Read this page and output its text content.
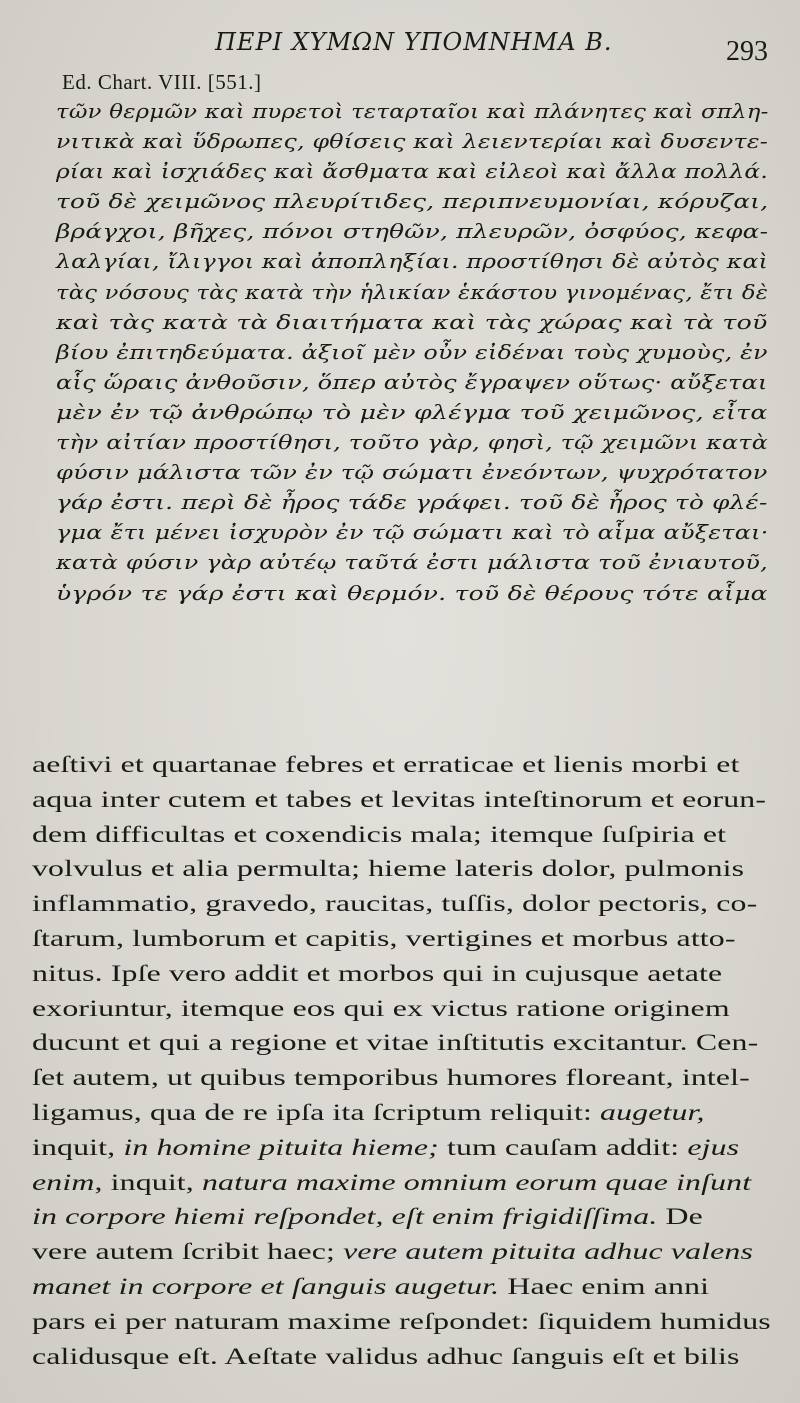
ΠΕΡΙ ΧΥΜΩΝ ΥΠΟΜΝΗΜΑ Β.	293
Ed. Chart. VIII. [551.]
τῶν θερμῶν καὶ πυρετοὶ τεταρταῖοι καὶ πλάνητες καὶ σπλη-
νιτικὰ καὶ ὕδρωπες, φθίσεις καὶ λειεντερίαι καὶ δυσεντε-
ρίαι καὶ ἰσχιάδες καὶ ἄσθματα καὶ εἰλεοὶ καὶ ἄλλα πολλά.
τοῦ δὲ χειμῶνος πλευρίτιδες, περιπνευμονίαι, κόρυζαι,
βράγχοι, βῆχες, πόνοι στηθῶν, πλευρῶν, ὀσφύος, κεφα-
λαλγίαι, ἴλιγγοι καὶ ἀποπληξίαι. προστίθησι δὲ αὐτὸς καὶ
τὰς νόσους τὰς κατὰ τὴν ἡλικίαν ἑκάστου γινομένας, ἔτι δὲ
καὶ τὰς κατὰ τὰ διαιτήματα καὶ τὰς χώρας καὶ τὰ τοῦ
βίου ἐπιτηδεύματα. ἀξιοῖ μὲν οὖν εἰδέναι τοὺς χυμοὺς, ἐν
αἷς ὥραις ἀνθοῦσιν, ὅπερ αὐτὸς ἔγραψεν οὕτως· αὔξεται
μὲν ἐν τῷ ἀνθρώπῳ τὸ μὲν φλέγμα τοῦ χειμῶνος, εἶτα
τὴν αἰτίαν προστίθησι, τοῦτο γὰρ, φησὶ, τῷ χειμῶνι κατὰ
φύσιν μάλιστα τῶν ἐν τῷ σώματι ἐνεόντων, ψυχρότατον
γάρ ἐστι. περὶ δὲ ἦρος τάδε γράφει. τοῦ δὲ ἦρος τὸ φλέ-
γμα ἔτι μένει ἰσχυρὸν ἐν τῷ σώματι καὶ τὸ αἷμα αὔξεται·
κατὰ φύσιν γὰρ αὐτέῳ ταῦτά ἐστι μάλιστα τοῦ ἐνιαυτοῦ,
ὑγρόν τε γάρ ἐστι καὶ θερμόν. τοῦ δὲ θέρους τότε αἷμα
aeſtivi et quartanae febres et erraticae et lienis morbi et
aqua inter cutem et tabes et levitas inteſtinorum et eorun-
dem difficultas et coxendicis mala; itemque ſuſpiria et
volvulus et alia permulta; hieme lateris dolor, pulmonis
inflammatio, gravedo, raucitas, tuſſis, dolor pectoris, co-
ſtarum, lumborum et capitis, vertigines et morbus atto-
nitus. Ipſe vero addit et morbos qui in cujusque aetate
exoriuntur, itemque eos qui ex victus ratione originem
ducunt et qui a regione et vitae inſtitutis excitantur. Cen-
ſet autem, ut quibus temporibus humores floreant, intel-
ligamus, qua de re ipſa ita ſcriptum reliquit: augetur,
inquit, in homine pituita hieme; tum cauſam addit: ejus
enim, inquit, natura maxime omnium eorum quae inſunt
in corpore hiemi reſpondet, eſt enim frigidiſſima. De
vere autem ſcribit haec; vere autem pituita adhuc valens
manet in corpore et ſanguis augetur. Haec enim anni
pars ei per naturam maxime reſpondet: ſiquidem humidus
calidusque eſt. Aeſtate validus adhuc ſanguis eſt et bilis
